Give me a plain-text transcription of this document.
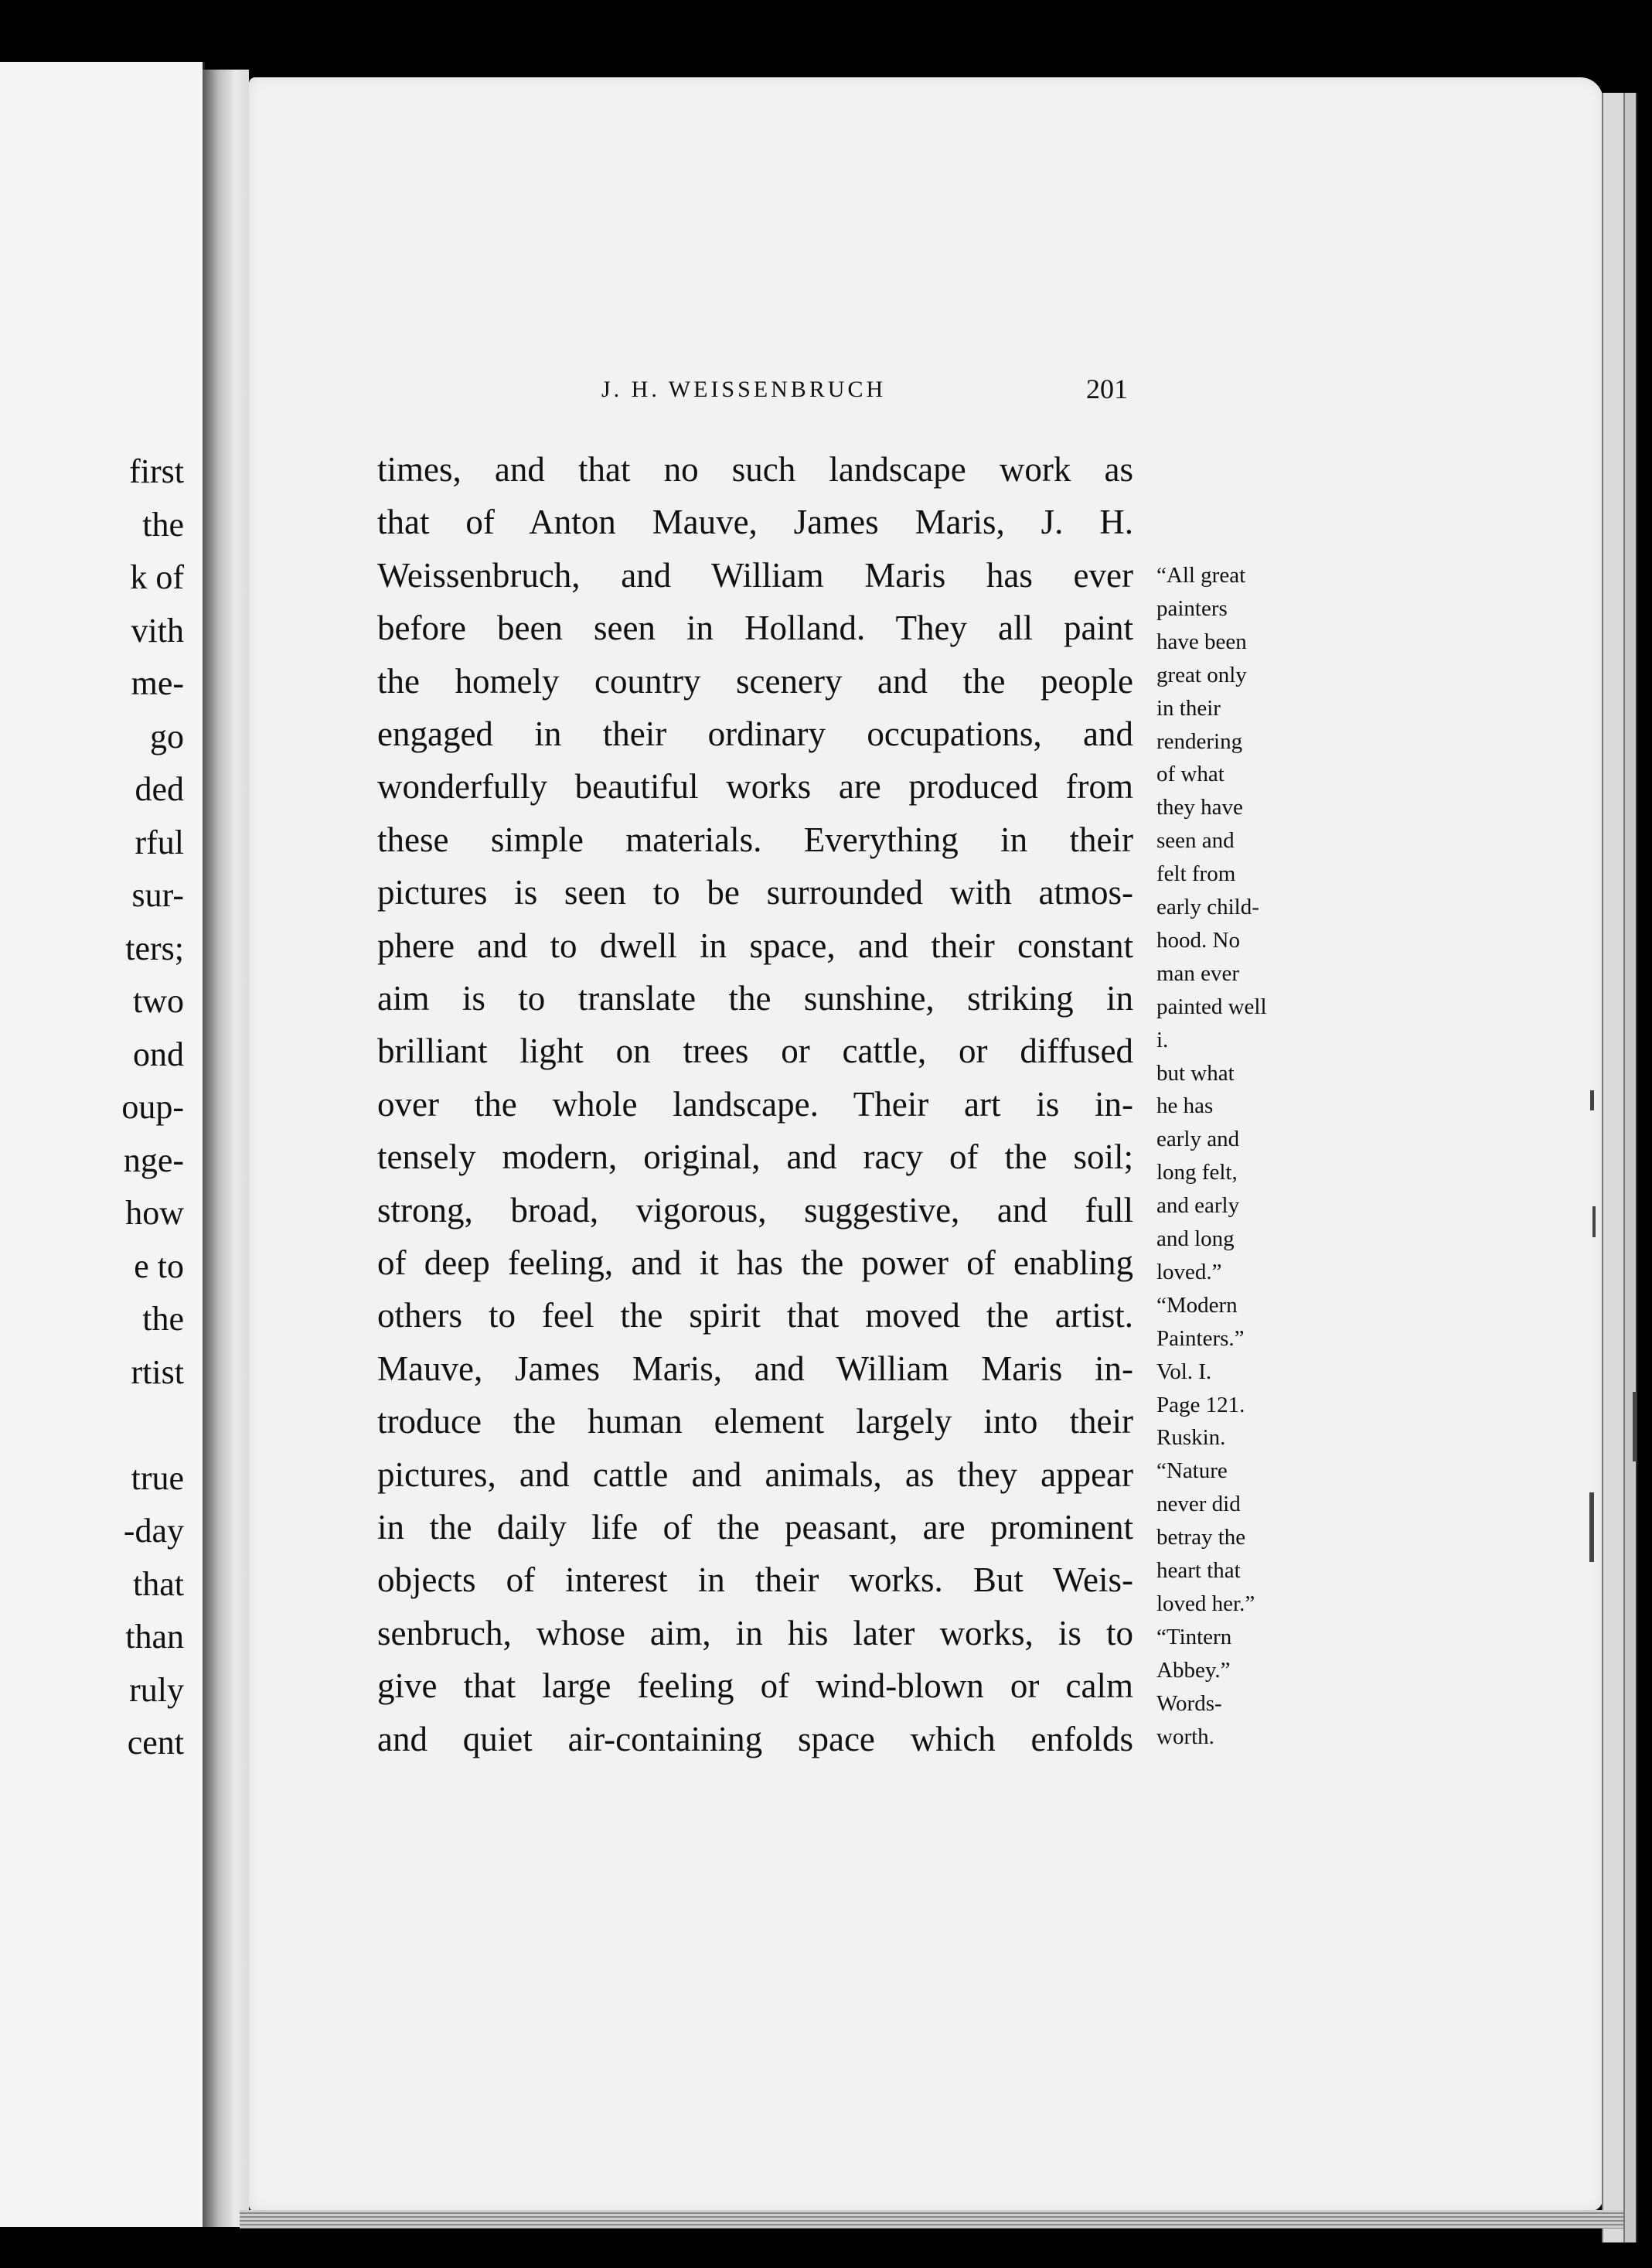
first
the
k of
vith
me-
go
ded
rful
sur-
ters;
two
ond
oup-
nge-
how
e to
the
rtist
true
-day
that
than
ruly
cent
J. H. WEISSENBRUCH	201
times, and that no such landscape work as
that of Anton Mauve, James Maris, J. H.
Weissenbruch, and William Maris has ever
before been seen in Holland. They all paint
the homely country scenery and the people
engaged in their ordinary occupations, and
wonderfully beautiful works are produced from
these simple materials. Everything in their
pictures is seen to be surrounded with atmos-
phere and to dwell in space, and their constant
aim is to translate the sunshine, striking in
brilliant light on trees or cattle, or diffused
over the whole landscape. Their art is in-
tensely modern, original, and racy of the soil;
strong, broad, vigorous, suggestive, and full
of deep feeling, and it has the power of enabling
others to feel the spirit that moved the artist.
Mauve, James Maris, and William Maris in-
troduce the human element largely into their
pictures, and cattle and animals, as they appear
in the daily life of the peasant, are prominent
objects of interest in their works. But Weis-
senbruch, whose aim, in his later works, is to
give that large feeling of wind-blown or calm
and quiet air-containing space which enfolds
“All great
painters
have been
great only
in their
rendering
of what
they have
seen and
felt from
early child-
hood. No
man ever
painted well
i.
but what
he has
early and
long felt,
and early
and long
loved.”
“Modern
Painters.”
Vol. I.
Page 121.
Ruskin.
“Nature
never did
betray the
heart that
loved her.”
“Tintern
Abbey.”
Words-
worth.
